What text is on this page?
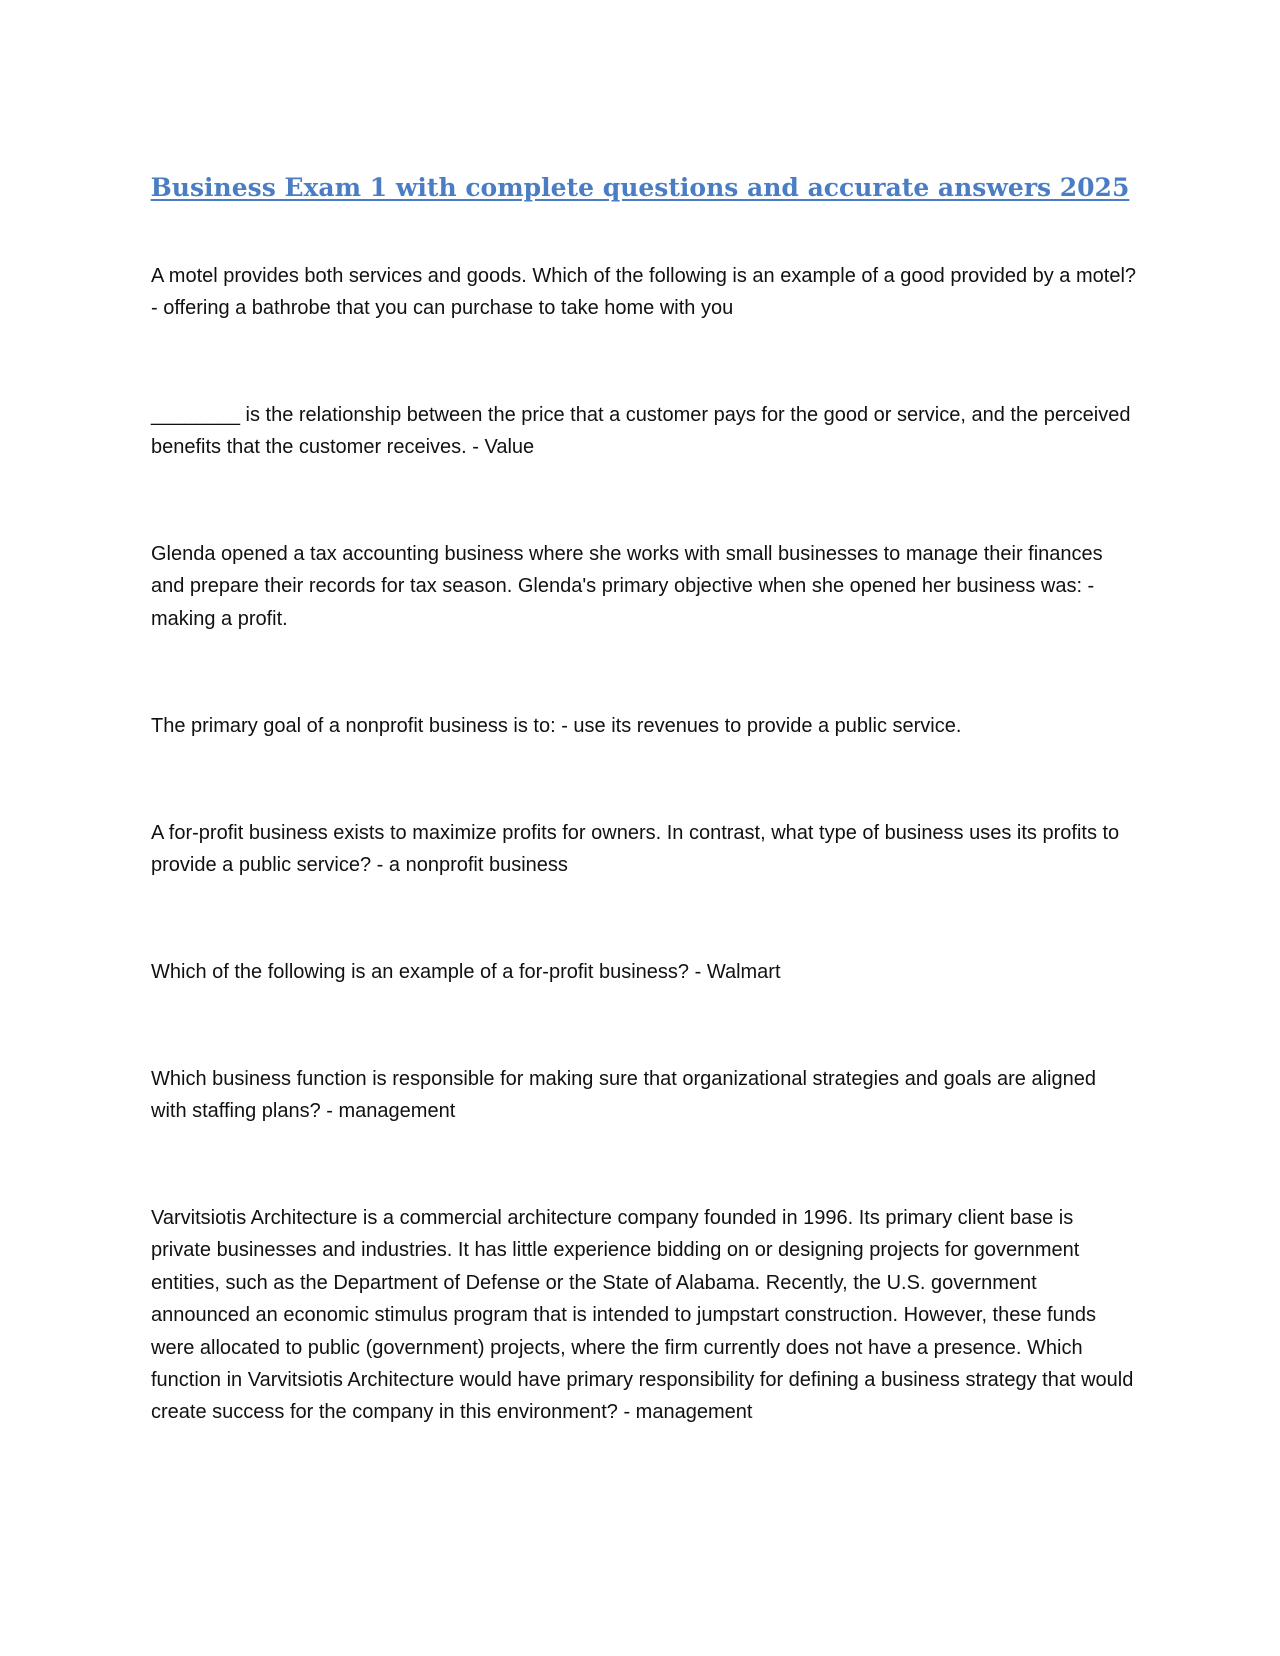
Business Exam 1 with complete questions and accurate answers 2025

A motel provides both services and goods. Which of the following is an example of a good provided by a motel? - offering a bathrobe that you can purchase to take home with you

________ is the relationship between the price that a customer pays for the good or service, and the perceived benefits that the customer receives. - Value

Glenda opened a tax accounting business where she works with small businesses to manage their finances and prepare their records for tax season. Glenda's primary objective when she opened her business was: - making a profit.

The primary goal of a nonprofit business is to: - use its revenues to provide a public service.

A for-profit business exists to maximize profits for owners. In contrast, what type of business uses its profits to provide a public service? - a nonprofit business

Which of the following is an example of a for-profit business? - Walmart

Which business function is responsible for making sure that organizational strategies and goals are aligned with staffing plans? - management

Varvitsiotis Architecture is a commercial architecture company founded in 1996. Its primary client base is private businesses and industries. It has little experience bidding on or designing projects for government entities, such as the Department of Defense or the State of Alabama. Recently, the U.S. government announced an economic stimulus program that is intended to jumpstart construction. However, these funds were allocated to public (government) projects, where the firm currently does not have a presence. Which function in Varvitsiotis Architecture would have primary responsibility for defining a business strategy that would create success for the company in this environment? - management
